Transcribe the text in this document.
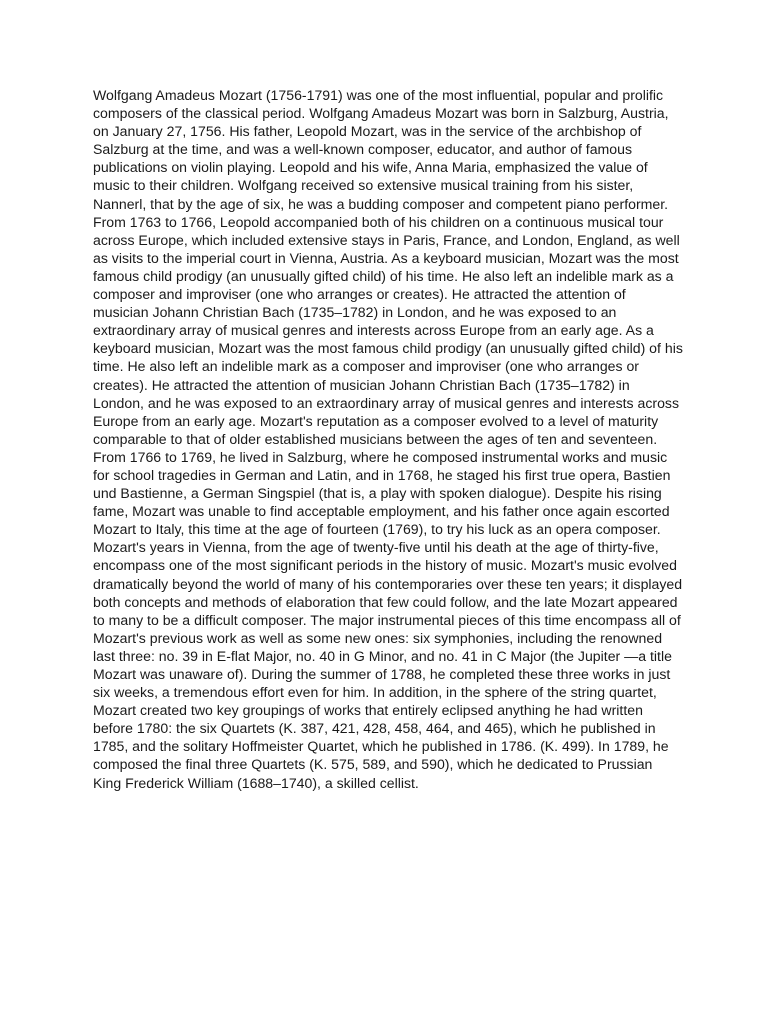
Wolfgang Amadeus Mozart (1756-1791) was one of the most influential, popular and prolific composers of the classical period. Wolfgang Amadeus Mozart was born in Salzburg, Austria, on January 27, 1756. His father, Leopold Mozart, was in the service of the archbishop of Salzburg at the time, and was a well-known composer, educator, and author of famous publications on violin playing. Leopold and his wife, Anna Maria, emphasized the value of music to their children. Wolfgang received so extensive musical training from his sister, Nannerl, that by the age of six, he was a budding composer and competent piano performer. From 1763 to 1766, Leopold accompanied both of his children on a continuous musical tour across Europe, which included extensive stays in Paris, France, and London, England, as well as visits to the imperial court in Vienna, Austria. As a keyboard musician, Mozart was the most famous child prodigy (an unusually gifted child) of his time. He also left an indelible mark as a composer and improviser (one who arranges or creates). He attracted the attention of musician Johann Christian Bach (1735–1782) in London, and he was exposed to an extraordinary array of musical genres and interests across Europe from an early age. As a keyboard musician, Mozart was the most famous child prodigy (an unusually gifted child) of his time. He also left an indelible mark as a composer and improviser (one who arranges or creates). He attracted the attention of musician Johann Christian Bach (1735–1782) in London, and he was exposed to an extraordinary array of musical genres and interests across Europe from an early age. Mozart's reputation as a composer evolved to a level of maturity comparable to that of older established musicians between the ages of ten and seventeen. From 1766 to 1769, he lived in Salzburg, where he composed instrumental works and music for school tragedies in German and Latin, and in 1768, he staged his first true opera, Bastien und Bastienne, a German Singspiel (that is, a play with spoken dialogue). Despite his rising fame, Mozart was unable to find acceptable employment, and his father once again escorted Mozart to Italy, this time at the age of fourteen (1769), to try his luck as an opera composer. Mozart's years in Vienna, from the age of twenty-five until his death at the age of thirty-five, encompass one of the most significant periods in the history of music. Mozart's music evolved dramatically beyond the world of many of his contemporaries over these ten years; it displayed both concepts and methods of elaboration that few could follow, and the late Mozart appeared to many to be a difficult composer. The major instrumental pieces of this time encompass all of Mozart's previous work as well as some new ones: six symphonies, including the renowned last three: no. 39 in E-flat Major, no. 40 in G Minor, and no. 41 in C Major (the Jupiter —a title Mozart was unaware of). During the summer of 1788, he completed these three works in just six weeks, a tremendous effort even for him. In addition, in the sphere of the string quartet, Mozart created two key groupings of works that entirely eclipsed anything he had written before 1780: the six Quartets (K. 387, 421, 428, 458, 464, and 465), which he published in 1785, and the solitary Hoffmeister Quartet, which he published in 1786. (K. 499). In 1789, he composed the final three Quartets (K. 575, 589, and 590), which he dedicated to Prussian King Frederick William (1688–1740), a skilled cellist.
